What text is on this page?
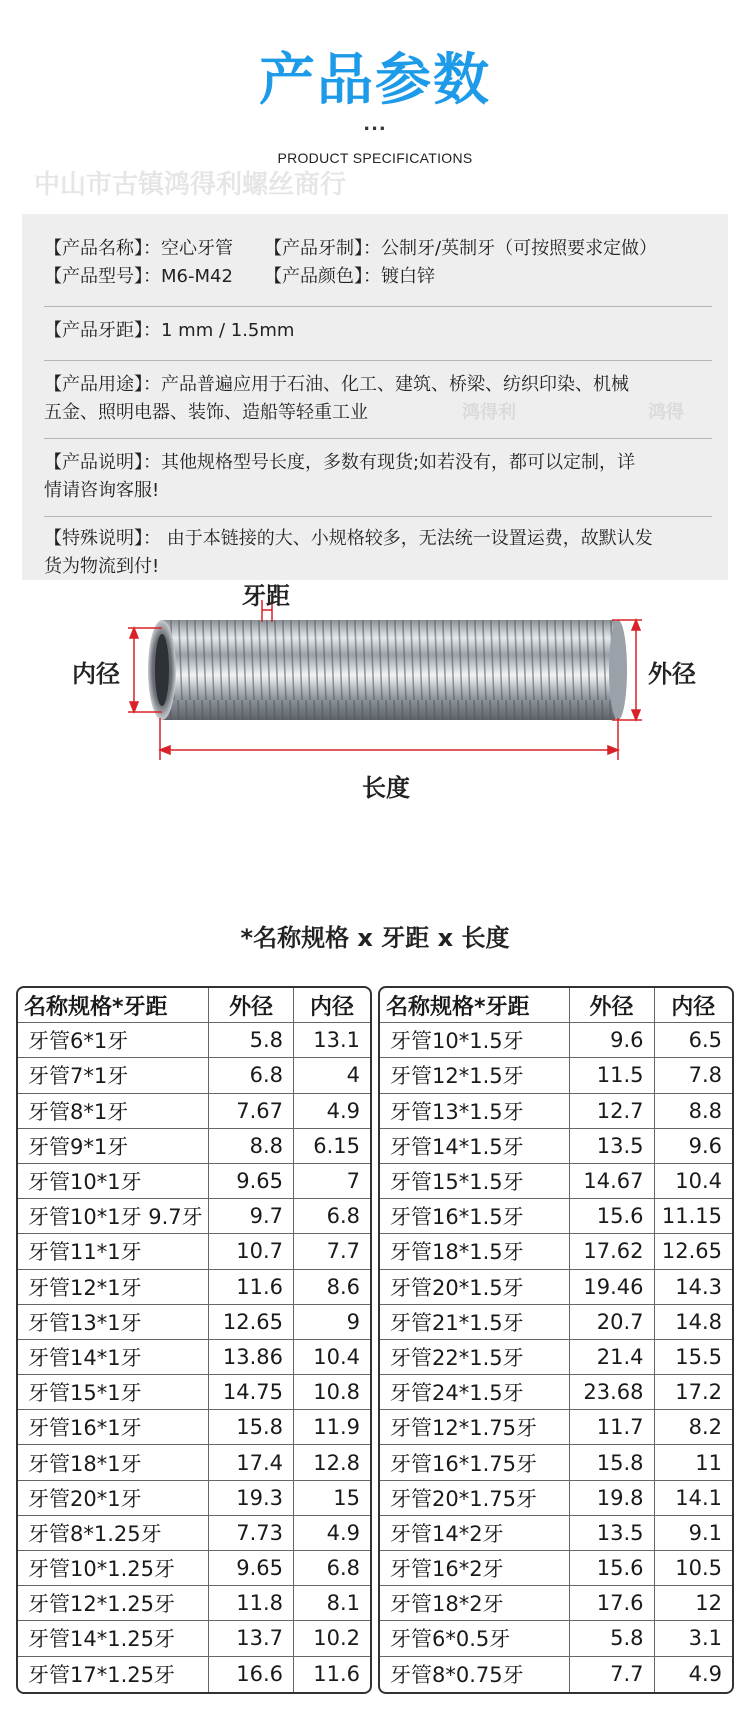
产品参数
...
PRODUCT SPECIFICATIONS
中山市古镇鸿得利螺丝商行
【产品名称】：空心牙管 【产品牙制】：公制牙/英制牙（可按照要求定做）
【产品型号】：M6-M42 【产品颜色】：镀白锌
【产品牙距】：1 mm / 1.5mm
【产品用途】：产品普遍应用于石油、化工、建筑、桥梁、纺织印染、机械
五金、照明电器、装饰、造船等轻重工业	鸿得利	鸿得
【产品说明】：其他规格型号长度，多数有现货;如若没有，都可以定制，详
情请咨询客服!
【特殊说明】： 由于本链接的大、小规格较多，无法统一设置运费，故默认发
货为物流到付!
牙距
内径	外径
长度
*名称规格 x 牙距 x 长度
名称规格*牙距	外径	内径
牙管6*1牙	5.8	13.1
牙管7*1牙	6.8	4
牙管8*1牙	7.67	4.9
牙管9*1牙	8.8	6.15
牙管10*1牙	9.65	7
牙管10*1牙 9.7牙	9.7	6.8
牙管11*1牙	10.7	7.7
牙管12*1牙	11.6	8.6
牙管13*1牙	12.65	9
牙管14*1牙	13.86	10.4
牙管15*1牙	14.75	10.8
牙管16*1牙	15.8	11.9
牙管18*1牙	17.4	12.8
牙管20*1牙	19.3	15
牙管8*1.25牙	7.73	4.9
牙管10*1.25牙	9.65	6.8
牙管12*1.25牙	11.8	8.1
牙管14*1.25牙	13.7	10.2
牙管17*1.25牙	16.6	11.6
名称规格*牙距	外径	内径
牙管10*1.5牙	9.6	6.5
牙管12*1.5牙	11.5	7.8
牙管13*1.5牙	12.7	8.8
牙管14*1.5牙	13.5	9.6
牙管15*1.5牙	14.67	10.4
牙管16*1.5牙	15.6	11.15
牙管18*1.5牙	17.62	12.65
牙管20*1.5牙	19.46	14.3
牙管21*1.5牙	20.7	14.8
牙管22*1.5牙	21.4	15.5
牙管24*1.5牙	23.68	17.2
牙管12*1.75牙	11.7	8.2
牙管16*1.75牙	15.8	11
牙管20*1.75牙	19.8	14.1
牙管14*2牙	13.5	9.1
牙管16*2牙	15.6	10.5
牙管18*2牙	17.6	12
牙管6*0.5牙	5.8	3.1
牙管8*0.75牙	7.7	4.9
